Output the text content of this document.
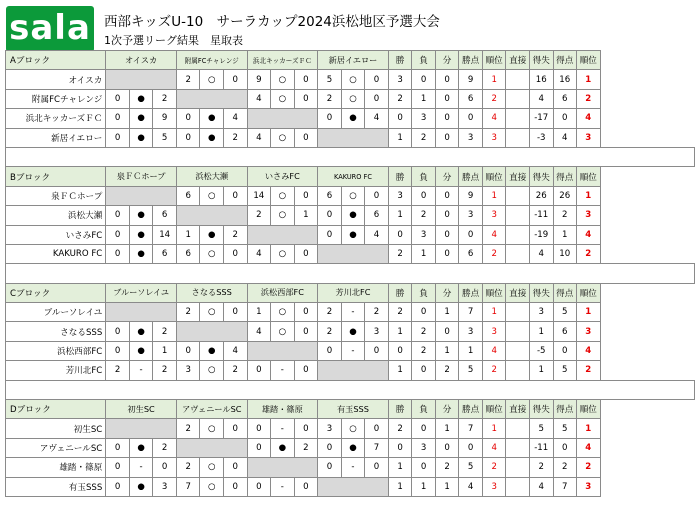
sala 西部キッズU-10　サーラカップ2024浜松地区予選大会
1次予選リーグ結果　星取表
Aブロック	オイスカ			附属FCチャレンジ			浜北キッカーズＦＣ			新居イエロー			勝	負	分	勝点	順位	直接	得失	得点	順位
オイスカ				2	○	0	9	○	0	5	○	0	3	0	0	9	1		16	16	1
附属FCチャレンジ	0	●	2				4	○	0	2	○	0	2	1	0	6	2		4	6	2
浜北キッカーズＦＣ	0	●	9	0	●	4				0	●	4	0	3	0	0	4		-17	0	4
新居イエロー	0	●	5	0	●	2	4	○	0				1	2	0	3	3		-3	4	3

Bブロック	泉ＦＣホープ			浜松大瀬			いさみFC			KAKURO FC			勝	負	分	勝点	順位	直接	得失	得点	順位
泉ＦＣホープ				6	○	0	14	○	0	6	○	0	3	0	0	9	1		26	26	1
浜松大瀬	0	●	6				2	○	1	0	●	6	1	2	0	3	3		-11	2	3
いさみFC	0	●	14	1	●	2				0	●	4	0	3	0	0	4		-19	1	4
KAKURO FC	0	●	6	6	○	0	4	○	0				2	1	0	6	2		4	10	2

Cブロック	ブルーソレイユ			さなるSSS			浜松西部FC			芳川北FC			勝	負	分	勝点	順位	直接	得失	得点	順位
ブルーソレイユ				2	○	0	1	○	0	2	-	2	2	0	1	7	1		3	5	1
さなるSSS	0	●	2				4	○	0	2	●	3	1	2	0	3	3		1	6	3
浜松西部FC	0	●	1	0	●	4				0	-	0	0	2	1	1	4		-5	0	4
芳川北FC	2	-	2	3	○	2	0	-	0				1	0	2	5	2		1	5	2

Dブロック	初生SC			アヴェニールSC			雄踏・篠原			有玉SSS			勝	負	分	勝点	順位	直接	得失	得点	順位
初生SC				2	○	0	0	-	0	3	○	0	2	0	1	7	1		5	5	1
アヴェニールSC	0	●	2				0	●	2	0	●	7	0	3	0	0	4		-11	0	4
雄踏・篠原	0	-	0	2	○	0				0	-	0	1	0	2	5	2		2	2	2
有玉SSS	0	●	3	7	○	0	0	-	0				1	1	1	4	3		4	7	3
